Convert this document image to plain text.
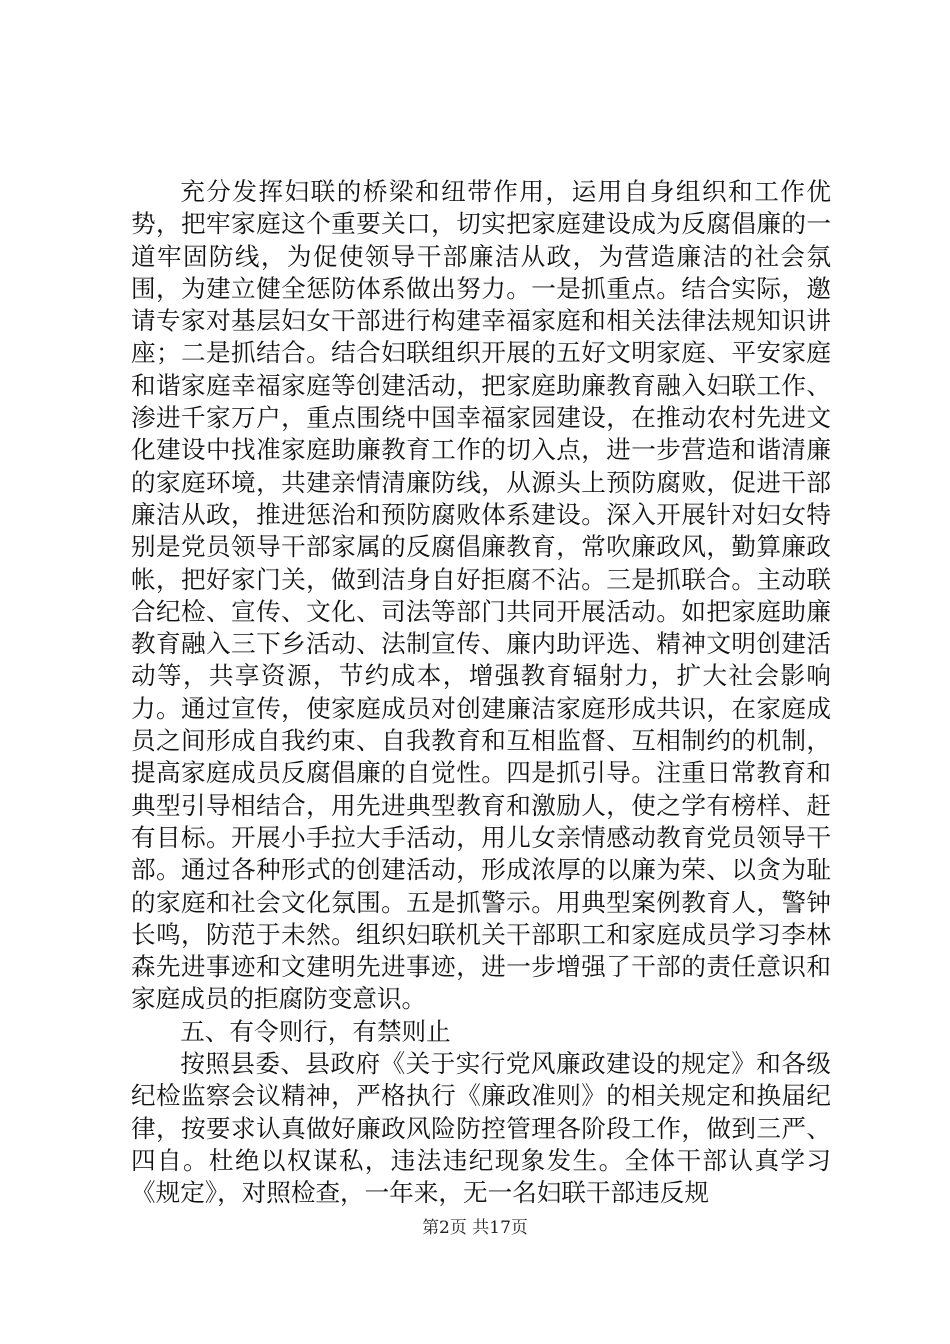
充分发挥妇联的桥梁和纽带作用，运用自身组织和工作优势，把牢家庭这个重要关口，切实把家庭建设成为反腐倡廉的一道牢固防线，为促使领导干部廉洁从政，为营造廉洁的社会氛围，为建立健全惩防体系做出努力。一是抓重点。结合实际，邀请专家对基层妇女干部进行构建幸福家庭和相关法律法规知识讲座；二是抓结合。结合妇联组织开展的五好文明家庭、平安家庭和谐家庭幸福家庭等创建活动，把家庭助廉教育融入妇联工作、渗进千家万户，重点围绕中国幸福家园建设，在推动农村先进文化建设中找准家庭助廉教育工作的切入点，进一步营造和谐清廉的家庭环境，共建亲情清廉防线，从源头上预防腐败，促进干部廉洁从政，推进惩治和预防腐败体系建设。深入开展针对妇女特别是党员领导干部家属的反腐倡廉教育，常吹廉政风，勤算廉政帐，把好家门关，做到洁身自好拒腐不沾。三是抓联合。主动联合纪检、宣传、文化、司法等部门共同开展活动。如把家庭助廉教育融入三下乡活动、法制宣传、廉内助评选、精神文明创建活动等，共享资源，节约成本，增强教育辐射力，扩大社会影响力。通过宣传，使家庭成员对创建廉洁家庭形成共识，在家庭成员之间形成自我约束、自我教育和互相监督、互相制约的机制，提高家庭成员反腐倡廉的自觉性。四是抓引导。注重日常教育和典型引导相结合，用先进典型教育和激励人，使之学有榜样、赶有目标。开展小手拉大手活动，用儿女亲情感动教育党员领导干部。通过各种形式的创建活动，形成浓厚的以廉为荣、以贪为耻的家庭和社会文化氛围。五是抓警示。用典型案例教育人，警钟长鸣，防范于未然。组织妇联机关干部职工和家庭成员学习李林森先进事迹和文建明先进事迹，进一步增强了干部的责任意识和家庭成员的拒腐防变意识。

五、有令则行，有禁则止

按照县委、县政府《关于实行党风廉政建设的规定》和各级纪检监察会议精神，严格执行《廉政准则》的相关规定和换届纪律，按要求认真做好廉政风险防控管理各阶段工作，做到三严、四自。杜绝以权谋私，违法违纪现象发生。全体干部认真学习《规定》，对照检查，一年来，无一名妇联干部违反规

第2页 共17页
